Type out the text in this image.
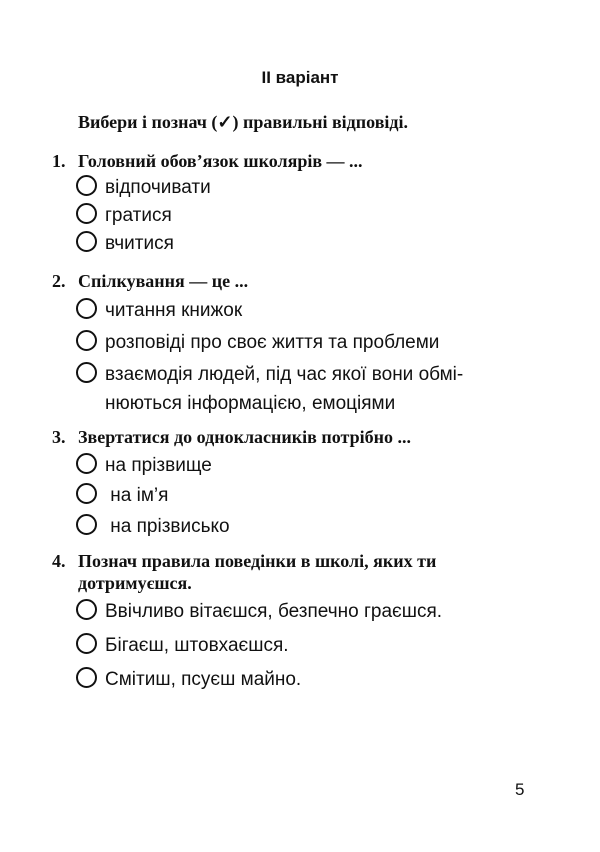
II варіант
Вибери і познач (✓) правильні відповіді.
1. Головний обов’язок школярів — ...
відпочивати
гратися
вчитися
2. Спілкування — це ...
читання книжок
розповіді про своє життя та проблеми
взаємодія людей, під час якої вони обмі-
нюються інформацією, емоціями
3. Звертатися до однокласників потрібно ...
на прізвище
на ім’я
на прізвисько
4. Познач правила поведінки в школі, яких ти
дотримуєшся.
Ввічливо вітаєшся, безпечно граєшся.
Бігаєш, штовхаєшся.
Смітиш, псуєш майно.
5
